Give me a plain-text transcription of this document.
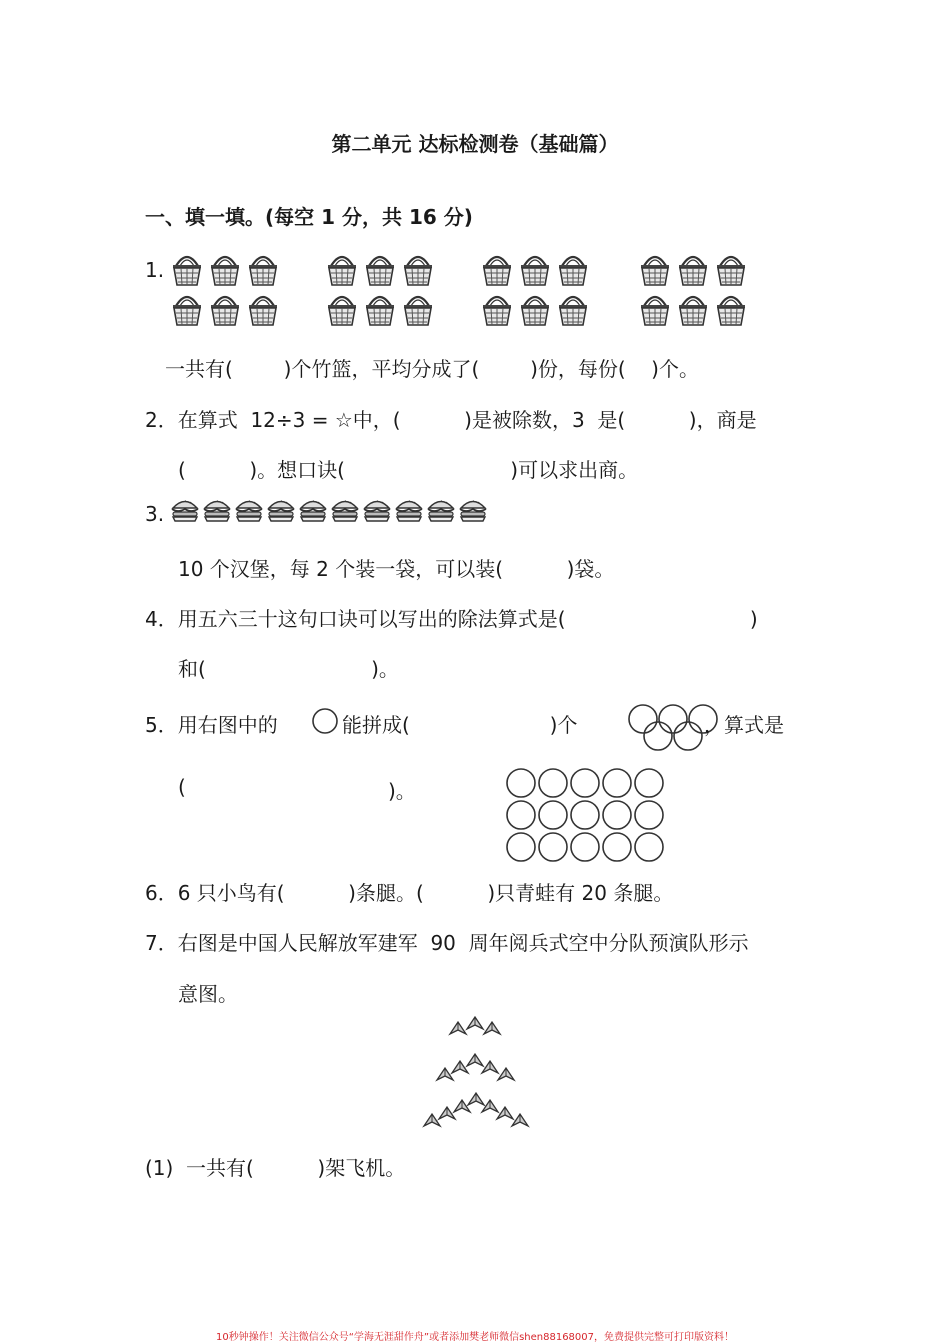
第二单元 达标检测卷（基础篇）
一、填一填。(每空 1 分，共 16 分)
1.
一共有(        )个竹篮，平均分成了(        )份，每份(    )个。
2．在算式  12÷3 = ☆中，(          )是被除数，3  是(          )，商是
(          )。想口诀(                          )可以求出商。
3.
10 个汉堡，每 2 个装一袋，可以装(          )袋。
4．用五六三十这句口诀可以写出的除法算式是(                             )
和(                          )。
5．用右图中的	能拼成(                      )个	，算式是
(	)。
6．6 只小鸟有(          )条腿。(          )只青蛙有 20 条腿。
7．右图是中国人民解放军建军  90  周年阅兵式空中分队预演队形示
意图。
(1)  一共有(          )架飞机。
10秒钟操作！关注微信公众号“学海无涯甜作舟”或者添加樊老师微信shen88168007，免费提供完整可打印版资料！
